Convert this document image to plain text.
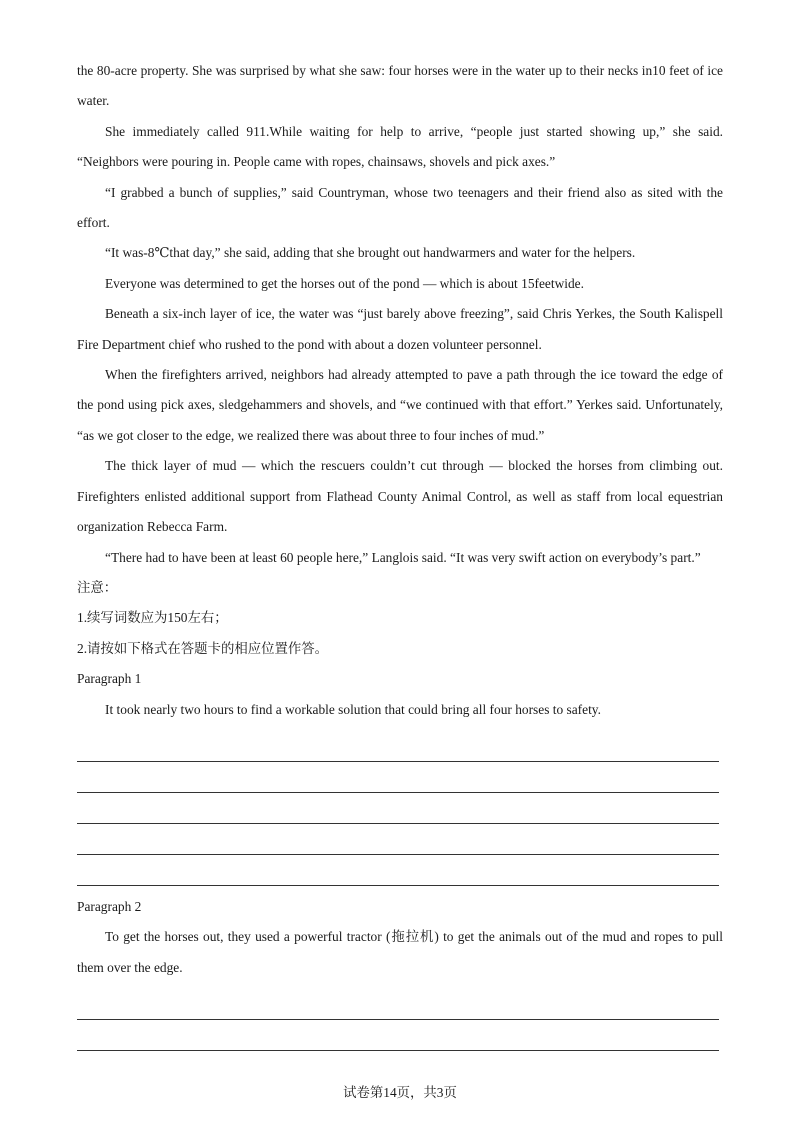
the 80-acre property. She was surprised by what she saw: four horses were in the water up to their necks in10 feet of ice water.

She immediately called 911.While waiting for help to arrive, “people just started showing up,” she said. “Neighbors were pouring in. People came with ropes, chainsaws, shovels and pick axes.”

“I grabbed a bunch of supplies,” said Countryman, whose two teenagers and their friend also as sited with the effort.

“It was-8℃that day,” she said, adding that she brought out handwarmers and water for the helpers.

Everyone was determined to get the horses out of the pond — which is about 15feetwide.

Beneath a six-inch layer of ice, the water was “just barely above freezing”, said Chris Yerkes, the South Kalispell Fire Department chief who rushed to the pond with about a dozen volunteer personnel.

When the firefighters arrived, neighbors had already attempted to pave a path through the ice toward the edge of the pond using pick axes, sledgehammers and shovels, and “we continued with that effort.” Yerkes said. Unfortunately, “as we got closer to the edge, we realized there was about three to four inches of mud.”

The thick layer of mud — which the rescuers couldn’t cut through — blocked the horses from climbing out. Firefighters enlisted additional support from Flathead County Animal Control, as well as staff from local equestrian organization Rebecca Farm.

“There had to have been at least 60 people here,” Langlois said. “It was very swift action on everybody’s part.”

注意：

1.续写词数应为150左右；

2.请按如下格式在答题卡的相应位置作答。

Paragraph 1

It took nearly two hours to find a workable solution that could bring all four horses to safety.

Paragraph 2

To get the horses out, they used a powerful tractor (拖拉机) to get the animals out of the mud and ropes to pull them over the edge.

试卷第14页，共3页
